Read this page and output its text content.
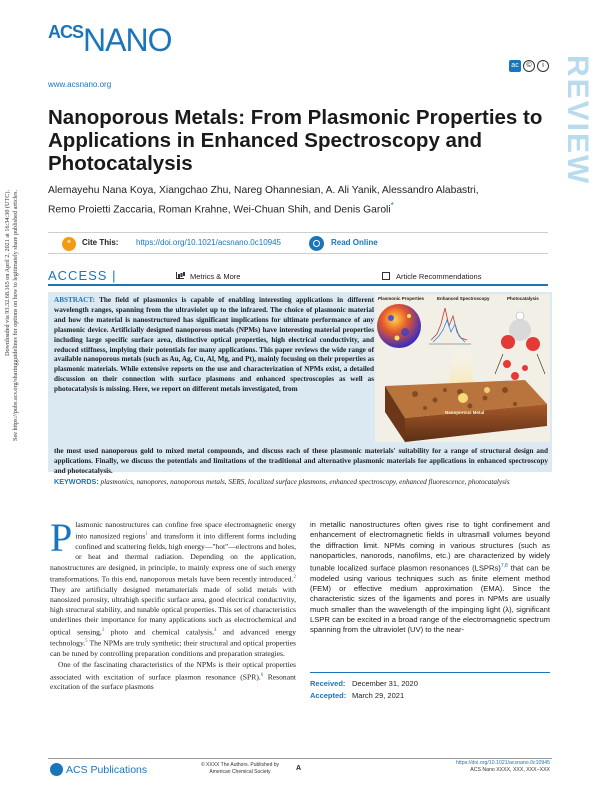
ACSNANO
www.acsnano.org
ac	©	i REVIEW

Downloaded via 93.32.68.165 on April 2, 2021 at 16:34:30 (UTC). See https://pubs.acs.org/sharingguidelines for options on how to legitimately share published articles.

Nanoporous Metals: From Plasmonic Properties to Applications in Enhanced Spectroscopy and Photocatalysis
Alemayehu Nana Koya, Xiangchao Zhu, Nareg Ohannesian, A. Ali Yanik, Alessandro Alabastri,
Remo Proietti Zaccaria, Roman Krahne, Wei-Chuan Shih, and Denis Garoli*
“	Cite This: https://doi.org/10.1021/acsnano.0c10945	Read Online
ACCESS |	Metrics & More	Article Recommendations

ABSTRACT: The field of plasmonics is capable of enabling interesting applications in different wavelength ranges, spanning from the ultraviolet up to the infrared. The choice of plasmonic material and how the material is nanostructured has significant implications for ultimate performance of any plasmonic device. Artificially designed nanoporous metals (NPMs) have interesting material properties including large specific surface area, distinctive optical properties, high electrical conductivity, and reduced stiffness, implying their potentials for many applications. This paper reviews the wide range of available nanoporous metals (such as Au, Ag, Cu, Al, Mg, and Pt), mainly focusing on their properties as plasmonic materials. While extensive reports on the use and characterization of NPMs exist, a detailed discussion on their connection with surface plasmons and enhanced spectroscopies as well as photocatalysis is missing. Here, we report on different metals investigated, from

Plasmonic Properties	Enhanced Spectroscopy	Photocatalysis
Nanoporous Metal

the most used nanoporous gold to mixed metal compounds, and discuss each of these plasmonic materials' suitability for a range of structural design and applications. Finally, we discuss the potentials and limitations of the traditional and alternative plasmonic materials for applications in enhanced spectroscopy and photocatalysis.

KEYWORDS: plasmonics, nanopores, nanoporous metals, SERS, localized surface plasmons, enhanced spectroscopy, enhanced fluorescence, photocatalysis

Plasmonic nanostructures can confine free space electromagnetic energy into nanosized regions$^1$ and transform it into different forms including confined and scattering fields, high energy—"hot"—electrons and holes, or heat and thermal radiation. Depending on the application, nanostructures are designed, in principle, to mainly express one of such energy transformations. To this end, nanoporous metals have been recently introduced.$^2$ They are artificially designed metamaterials made of solid metals with nanosized porosity, ultrahigh specific surface area, good electrical conductivity, high structural stability, and tunable optical properties. This set of characteristics underlines their importance for many applications such as electrochemical and optical sensing,$^3$ photo and chemical catalysis,$^4$ and advanced energy technology.$^5$ The NPMs are truly synthetic; their structural and optical properties can be tuned by controlling preparation conditions and preparation strategies.

One of the fascinating characteristics of the NPMs is their optical properties associated with excitation of surface plasmon resonance (SPR).$^6$ Resonant excitation of the surface plasmons

in metallic nanostructures often gives rise to tight confinement and enhancement of electromagnetic fields in ultrasmall volumes beyond the diffraction limit. NPMs coming in various structures (such as nanoparticles, nanorods, nanofilms, etc.) are characterized by widely tunable localized surface plasmon resonances (LSPRs)$^{7,8}$ that can be modeled using various techniques such as finite element method (FEM) or effective medium approximation (EMA). Since the characteristic sizes of the ligaments and pores in NPMs are usually much smaller than the wavelength of the impinging light (λ), significant LSPR can be excited in a broad range of the electromagnetic spectrum spanning from the ultraviolet (UV) to the near-

Received: December 31, 2020
Accepted: March 29, 2021
ACS Publications	© XXXX The Authors. Published by
American Chemical Society	A
https://doi.org/10.1021/acsnano.0c10945
ACS Nano XXXX, XXX, XXX−XXX
